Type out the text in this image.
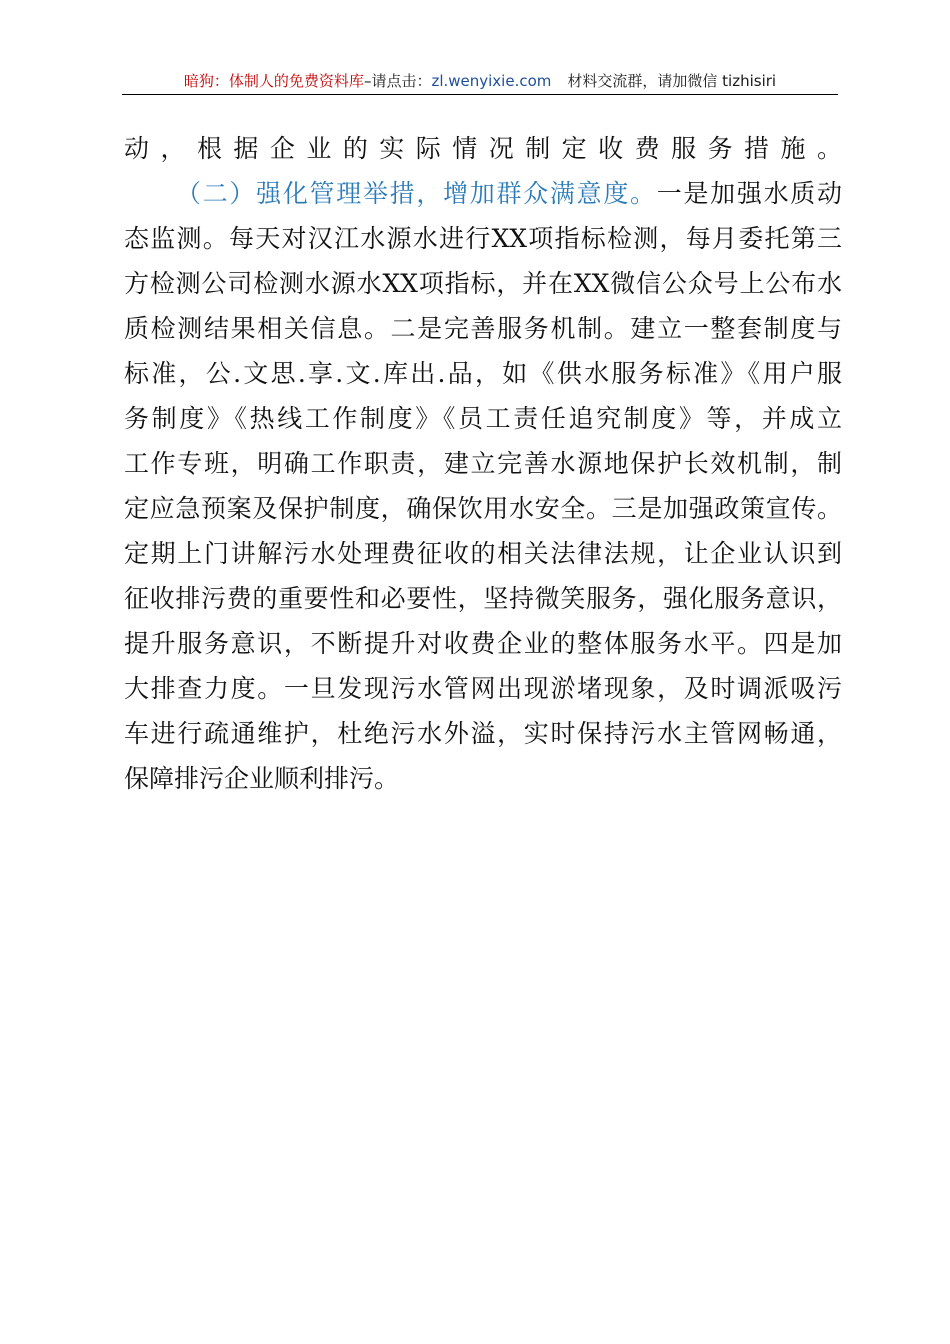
暗狗：体制人的免费资料库–请点击：zl.wenyixie.com 材料交流群，请加微信 tizhisiri
动，根据企业的实际情况制定收费服务措施。
（二）强化管理举措，增加群众满意度。一是加强水质动
态监测。每天对汉江水源水进行XX项指标检测，每月委托第三
方检测公司检测水源水XX项指标，并在XX微信公众号上公布水
质检测结果相关信息。二是完善服务机制。建立一整套制度与
标准，公.文思.享.文.库出.品，如《供水服务标准》《用户服
务制度》《热线工作制度》《员工责任追究制度》等，并成立
工作专班，明确工作职责，建立完善水源地保护长效机制，制
定应急预案及保护制度，确保饮用水安全。三是加强政策宣传。
定期上门讲解污水处理费征收的相关法律法规，让企业认识到
征收排污费的重要性和必要性，坚持微笑服务，强化服务意识，
提升服务意识，不断提升对收费企业的整体服务水平。四是加
大排查力度。一旦发现污水管网出现淤堵现象，及时调派吸污
车进行疏通维护，杜绝污水外溢，实时保持污水主管网畅通，
保障排污企业顺利排污。
